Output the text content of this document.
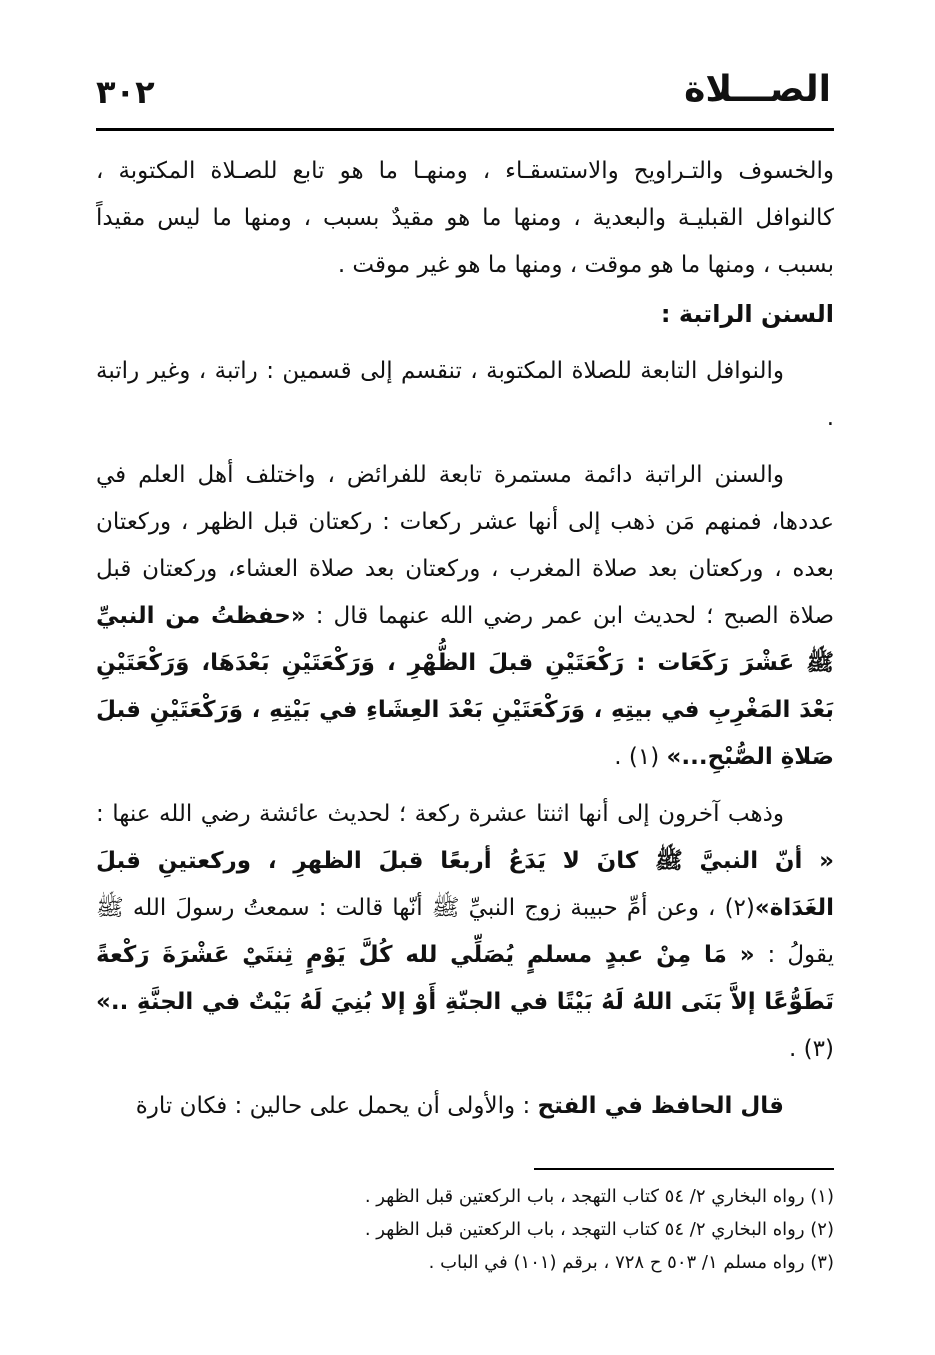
الصـــلاة
٣٠٢

والخسوف والتـراويح والاستسقـاء ، ومنهـا ما هو تابع للصـلاة المكتوبة ، كالنوافل القبليـة والبعدية ، ومنها ما هو مقيدٌ بسبب ، ومنها ما ليس مقيداً بسبب ، ومنها ما هو موقت ، ومنها ما هو غير موقت .

السنن الراتبة :

والنوافل التابعة للصلاة المكتوبة ، تنقسم إلى قسمين : راتبة ، وغير راتبة .

والسنن الراتبة دائمة مستمرة تابعة للفرائض ، واختلف أهل العلم في عددها، فمنهم مَن ذهب إلى أنها عشر ركعات : ركعتان قبل الظهر ، وركعتان بعده ، وركعتان بعد صلاة المغرب ، وركعتان بعد صلاة العشاء، وركعتان قبل صلاة الصبح ؛ لحديث ابن عمر رضي الله عنهما قال : «حفظتُ من النبيِّ ﷺ عَشْرَ رَكَعَات : رَكْعَتَيْنِ قبلَ الظُّهْرِ ، وَرَكْعَتَيْنِ بَعْدَهَا، وَرَكْعَتَيْنِ بَعْدَ المَغْرِبِ في بيتِهِ ، وَرَكْعَتَيْنِ بَعْدَ العِشَاءِ في بَيْتِهِ ، وَرَكْعَتَيْنِ قبلَ صَلاةِ الصُّبْحِ...» (١) .

وذهب آخرون إلى أنها اثنتا عشرة ركعة ؛ لحديث عائشة رضي الله عنها : « أنّ النبيَّ ﷺ كانَ لا يَدَعُ أربعًا قبلَ الظهرِ ، وركعتينِ قبلَ الغَدَاة»(٢) ، وعن أمِّ حبيبة زوج النبيِّ ﷺ أنّها قالت : سمعتُ رسولَ الله ﷺ يقولُ : « مَا مِنْ عبدٍ مسلمٍ يُصَلِّي لله كُلَّ يَوْمٍ ثِنتَيْ عَشْرَةَ رَكْعةً تَطَوُّعًا إلاَّ بَنَى اللهُ لَهُ بَيْتًا في الجنّةِ أَوْ إلا بُنِيَ لَهُ بَيْتٌ في الجنَّةِ ..» (٣) .

قال الحافظ في الفتح : والأولى أن يحمل على حالين : فكان تارة

(١) رواه البخاري ٢/ ٥٤ كتاب التهجد ، باب الركعتين قبل الظهر .

(٢) رواه البخاري ٢/ ٥٤ كتاب التهجد ، باب الركعتين قبل الظهر .

(٣) رواه مسلم ١/ ٥٠٣ ح ٧٢٨ ، برقم (١٠١) في الباب .
